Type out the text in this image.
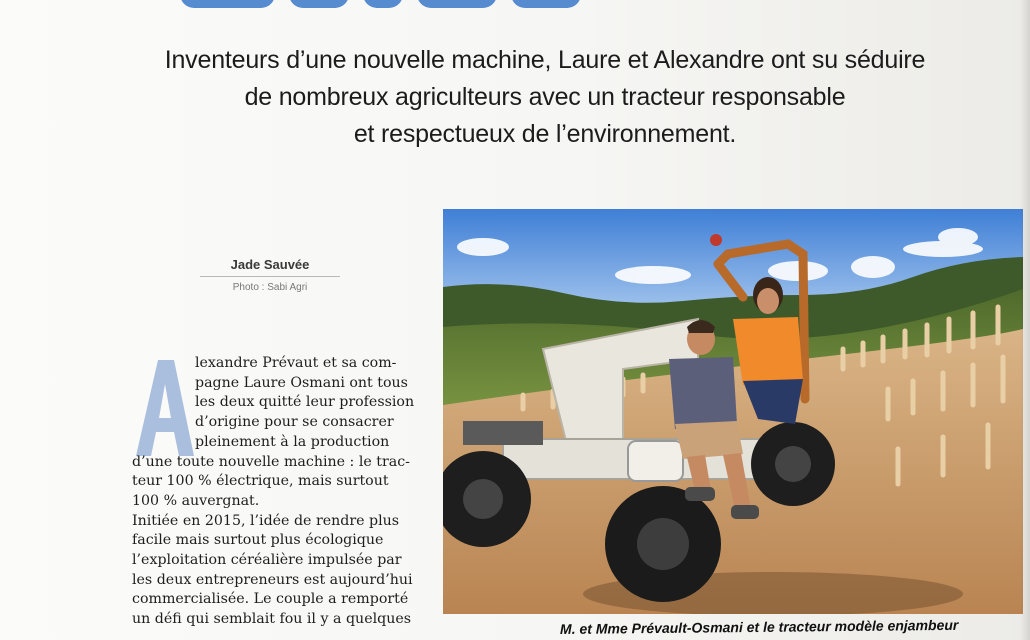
Inventeurs d’une nouvelle machine, Laure et Alexandre ont su séduire
de nombreux agriculteurs avec un tracteur responsable
et respectueux de l’environnement.
Jade Sauvée
Photo : Sabi Agri
lexandre Prévaut et sa com-
pagne Laure Osmani ont tous
les deux quitté leur profession
d’origine pour se consacrer
pleinement à la production
d’une toute nouvelle machine : le trac-
teur 100 % électrique, mais surtout
100 % auvergnat.
Initiée en 2015, l’idée de rendre plus
facile mais surtout plus écologique
l’exploitation céréalière impulsée par
les deux entrepreneurs est aujourd’hui
commercialisée. Le couple a remporté
un défi qui semblait fou il y a quelques	M. et Mme Prévault-Osmani et le tracteur modèle enjambeur
